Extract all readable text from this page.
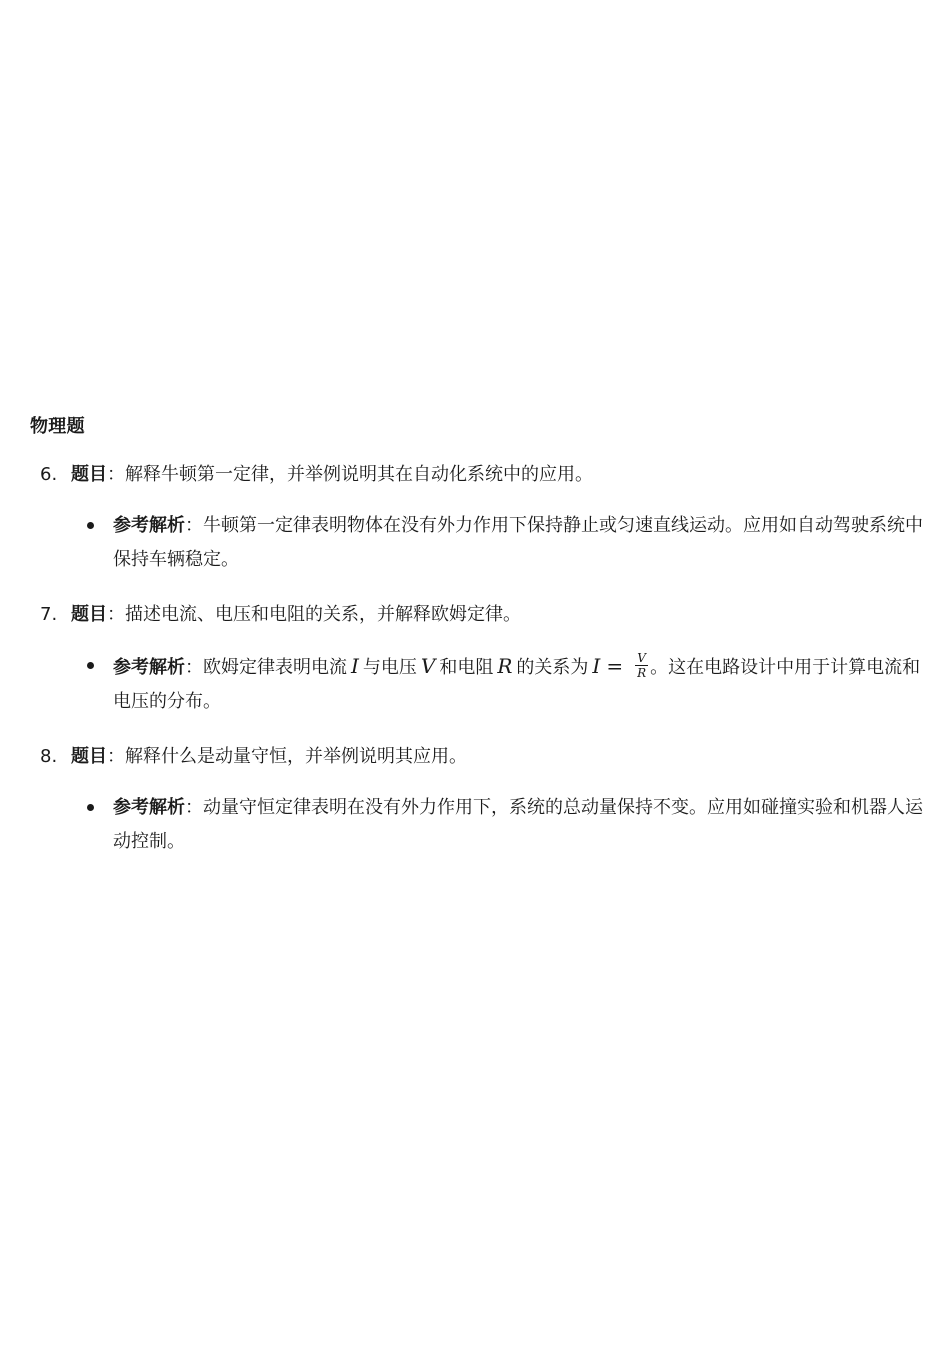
物理题
6. 题目：解释牛顿第一定律，并举例说明其在自动化系统中的应用。

参考解析：牛顿第一定律表明物体在没有外力作用下保持静止或匀速直线运动。应用如自动驾驶系统中保持车辆稳定。
7. 题目：描述电流、电压和电阻的关系，并解释欧姆定律。

参考解析：欧姆定律表明电流 I 与电压 V 和电阻 R 的关系为 $I = \frac{V}{R}$ 。这在电路设计中用于计算电流和电压的分布。
8. 题目：解释什么是动量守恒，并举例说明其应用。

参考解析：动量守恒定律表明在没有外力作用下，系统的总动量保持不变。应用如碰撞实验和机器人运动控制。
